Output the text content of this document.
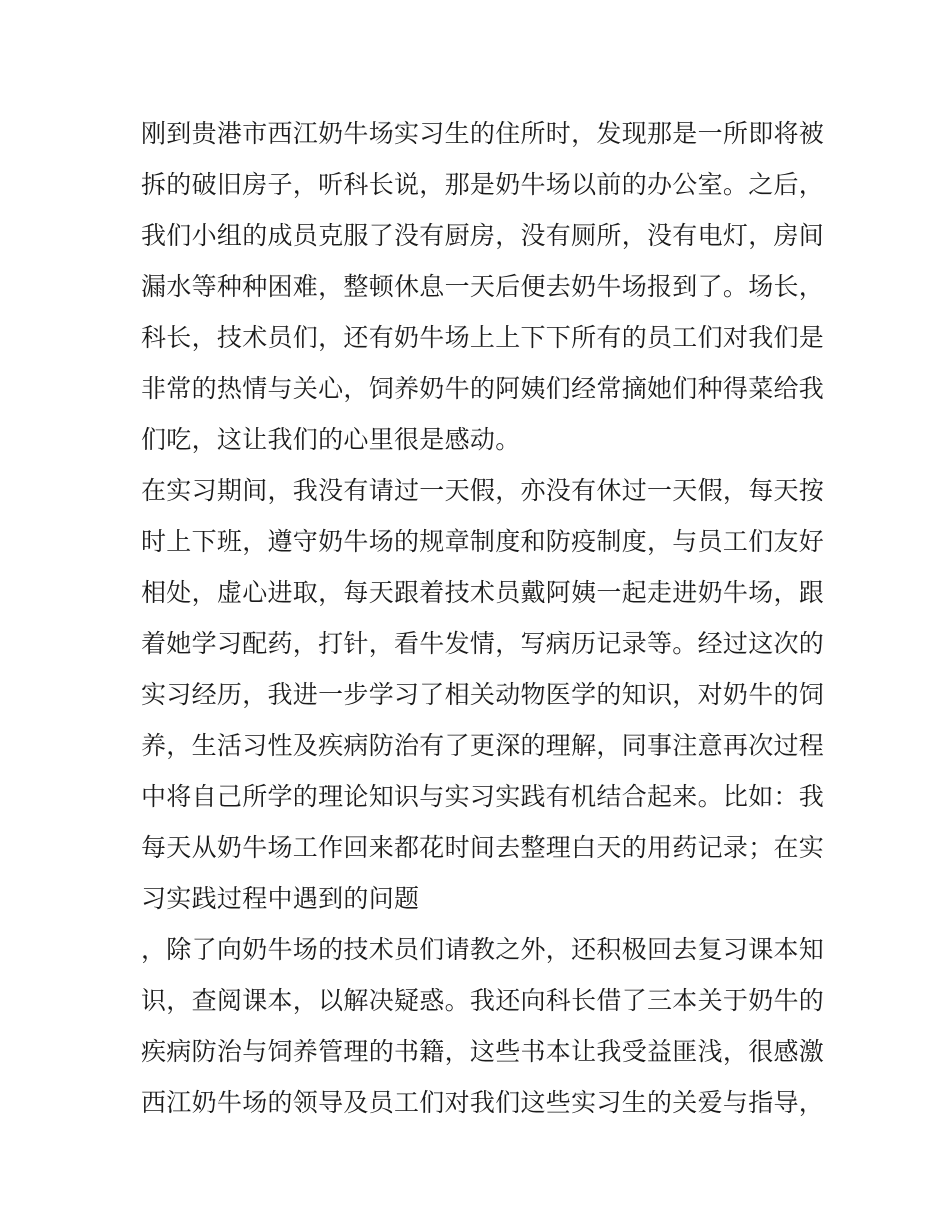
刚到贵港市西江奶牛场实习生的住所时，发现那是一所即将被
拆的破旧房子，听科长说，那是奶牛场以前的办公室。之后，
我们小组的成员克服了没有厨房，没有厕所，没有电灯，房间
漏水等种种困难，整顿休息一天后便去奶牛场报到了。场长，
科长，技术员们，还有奶牛场上上下下所有的员工们对我们是
非常的热情与关心，饲养奶牛的阿姨们经常摘她们种得菜给我
们吃，这让我们的心里很是感动。
在实习期间，我没有请过一天假，亦没有休过一天假，每天按
时上下班，遵守奶牛场的规章制度和防疫制度，与员工们友好
相处，虚心进取，每天跟着技术员戴阿姨一起走进奶牛场，跟
着她学习配药，打针，看牛发情，写病历记录等。经过这次的
实习经历，我进一步学习了相关动物医学的知识，对奶牛的饲
养，生活习性及疾病防治有了更深的理解，同事注意再次过程
中将自己所学的理论知识与实习实践有机结合起来。比如：我
每天从奶牛场工作回来都花时间去整理白天的用药记录；在实
习实践过程中遇到的问题
，除了向奶牛场的技术员们请教之外，还积极回去复习课本知
识，查阅课本，以解决疑惑。我还向科长借了三本关于奶牛的
疾病防治与饲养管理的书籍，这些书本让我受益匪浅，很感激
西江奶牛场的领导及员工们对我们这些实习生的关爱与指导，
